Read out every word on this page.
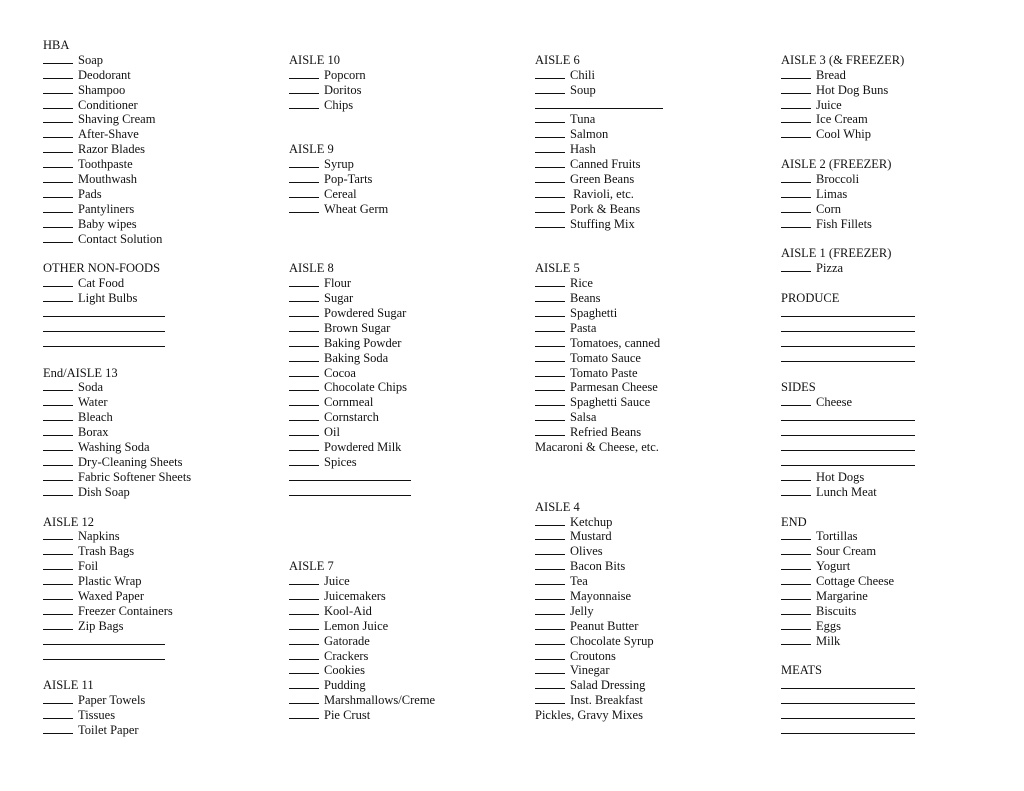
HBA
Soap
Deodorant
Shampoo
Conditioner
Shaving Cream
After-Shave
Razor Blades
Toothpaste
Mouthwash
Pads
Pantyliners
Baby wipes
Contact Solution
OTHER NON-FOODS
Cat Food
Light Bulbs
End/AISLE 13
Soda
Water
Bleach
Borax
Washing Soda
Dry-Cleaning Sheets
Fabric Softener Sheets
Dish Soap
AISLE 12
Napkins
Trash Bags
Foil
Plastic Wrap
Waxed Paper
Freezer Containers
Zip Bags
AISLE 11
Paper Towels
Tissues
Toilet Paper
AISLE 10
Popcorn
Doritos
Chips
AISLE 9
Syrup
Pop-Tarts
Cereal
Wheat Germ
AISLE 8
Flour
Sugar
Powdered Sugar
Brown Sugar
Baking Powder
Baking Soda
Cocoa
Chocolate Chips
Cornmeal
Cornstarch
Oil
Powdered Milk
Spices
AISLE 7
Juice
Juicemakers
Kool-Aid
Lemon Juice
Gatorade
Crackers
Cookies
Pudding
Marshmallows/Creme
Pie Crust
AISLE 6
Chili
Soup
Tuna
Salmon
Hash
Canned Fruits
Green Beans
Ravioli, etc.
Pork & Beans
Stuffing Mix
AISLE 5
Rice
Beans
Spaghetti
Pasta
Tomatoes, canned
Tomato Sauce
Tomato Paste
Parmesan Cheese
Spaghetti Sauce
Salsa
Refried Beans
Macaroni & Cheese, etc.
AISLE 4
Ketchup
Mustard
Olives
Bacon Bits
Tea
Mayonnaise
Jelly
Peanut Butter
Chocolate Syrup
Croutons
Vinegar
Salad Dressing
Inst. Breakfast
Pickles, Gravy Mixes
AISLE 3 (& FREEZER)
Bread
Hot Dog Buns
Juice
Ice Cream
Cool Whip
AISLE 2 (FREEZER)
Broccoli
Limas
Corn
Fish Fillets
AISLE 1 (FREEZER)
Pizza
PRODUCE
SIDES
Cheese
Hot Dogs
Lunch Meat
END
Tortillas
Sour Cream
Yogurt
Cottage Cheese
Margarine
Biscuits
Eggs
Milk
MEATS
